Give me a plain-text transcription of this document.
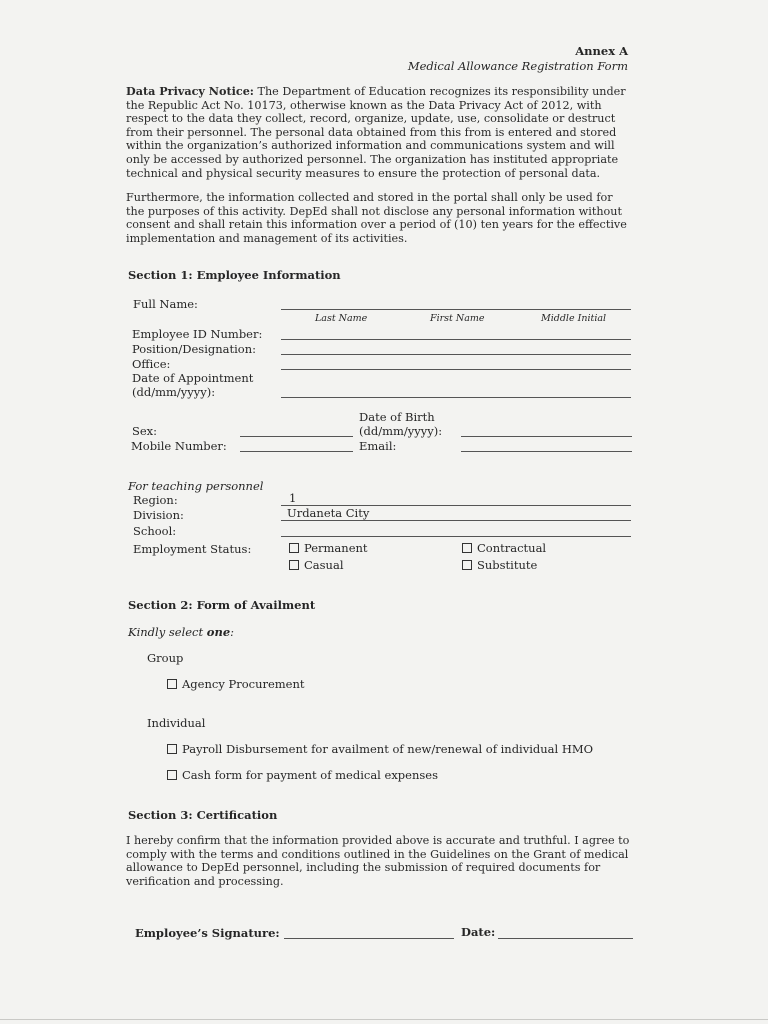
Annex A
Medical Allowance Registration Form
Data Privacy Notice: The Department of Education recognizes its responsibility under the Republic Act No. 10173, otherwise known as the Data Privacy Act of 2012, with respect to the data they collect, record, organize, update, use, consolidate or destruct from their personnel. The personal data obtained from this from is entered and stored within the organization’s authorized information and communications system and will only be accessed by authorized personnel. The organization has instituted appropriate technical and physical security measures to ensure the protection of personal data.
Furthermore, the information collected and stored in the portal shall only be used for the purposes of this activity. DepEd shall not disclose any personal information without consent and shall retain this information over a period of (10) ten years for the effective implementation and management of its activities.
Section 1: Employee Information
Full Name:
Last Name	First Name	Middle Initial
Employee ID Number:
Position/Designation:
Office:
Date of Appointment
(dd/mm/yyyy):
Date of Birth
(dd/mm/yyyy):
Sex:
Mobile Number:	Email:
For teaching personnel
Region:	1
Division:	Urdaneta City
School:
Employment Status:	Permanent	Contractual
Casual	Substitute
Section 2: Form of Availment
Kindly select one:
Group
Agency Procurement
Individual
Payroll Disbursement for availment of new/renewal of individual HMO
Cash form for payment of medical expenses
Section 3: Certification
I hereby confirm that the information provided above is accurate and truthful. I agree to comply with the terms and conditions outlined in the Guidelines on the Grant of medical allowance to DepEd personnel, including the submission of required documents for verification and processing.
Employee’s Signature:	Date:
